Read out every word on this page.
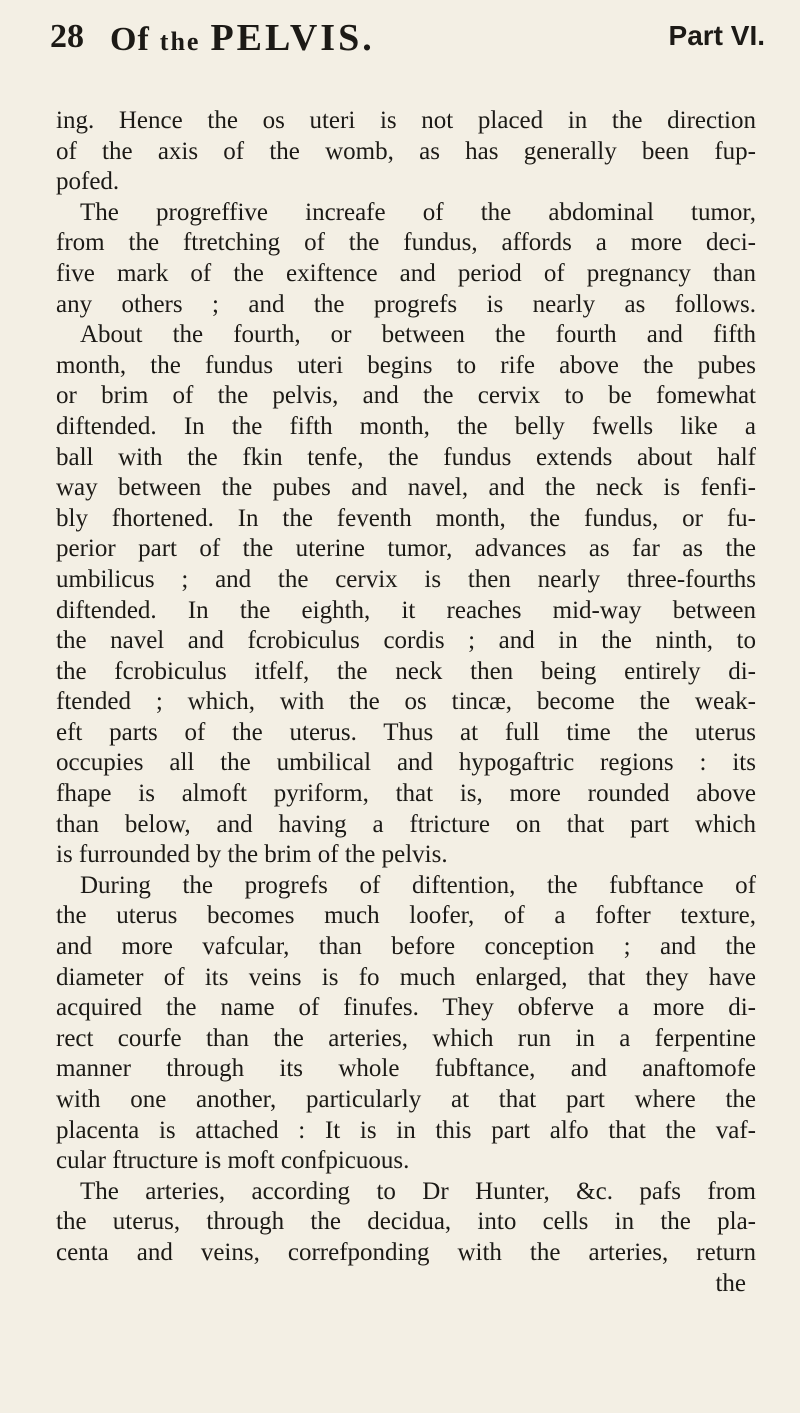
28 Of the PELVIS.	Part VI.
ing. Hence the os uteri is not placed in the direction
of the axis of the womb, as has generally been fup-
pofed.
The progreffive increafe of the abdominal tumor,
from the ftretching of the fundus, affords a more deci-
five mark of the exiftence and period of pregnancy than
any others ; and the progrefs is nearly as follows.
About the fourth, or between the fourth and fifth
month, the fundus uteri begins to rife above the pubes
or brim of the pelvis, and the cervix to be fomewhat
diftended. In the fifth month, the belly fwells like a
ball with the fkin tenfe, the fundus extends about half
way between the pubes and navel, and the neck is fenfi-
bly fhortened. In the feventh month, the fundus, or fu-
perior part of the uterine tumor, advances as far as the
umbilicus ; and the cervix is then nearly three-fourths
diftended. In the eighth, it reaches mid-way between
the navel and fcrobiculus cordis ; and in the ninth, to
the fcrobiculus itfelf, the neck then being entirely di-
ftended ; which, with the os tincæ, become the weak-
eft parts of the uterus. Thus at full time the uterus
occupies all the umbilical and hypogaftric regions : its
fhape is almoft pyriform, that is, more rounded above
than below, and having a ftricture on that part which
is furrounded by the brim of the pelvis.
During the progrefs of diftention, the fubftance of
the uterus becomes much loofer, of a fofter texture,
and more vafcular, than before conception ; and the
diameter of its veins is fo much enlarged, that they have
acquired the name of finufes. They obferve a more di-
rect courfe than the arteries, which run in a ferpentine
manner through its whole fubftance, and anaftomofe
with one another, particularly at that part where the
placenta is attached : It is in this part alfo that the vaf-
cular ftructure is moft confpicuous.
The arteries, according to Dr Hunter, &c. pafs from
the uterus, through the decidua, into cells in the pla-
centa and veins, correfponding with the arteries, return
the
